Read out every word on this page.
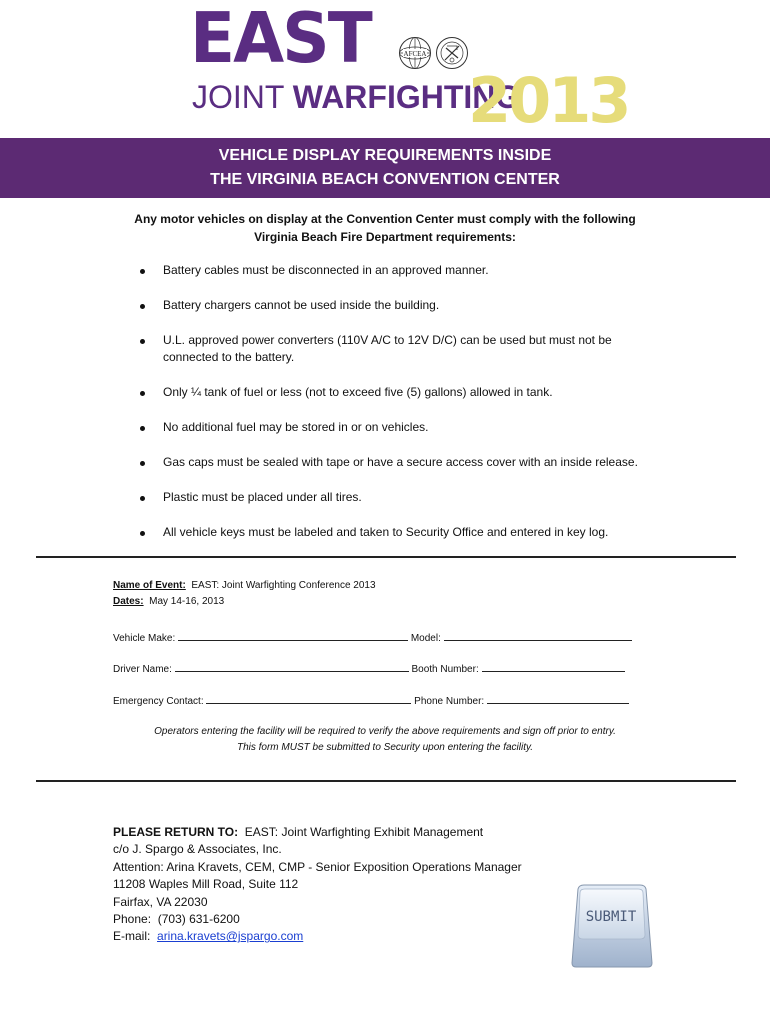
EAST	AFCEA
JOINT WARFIGHTING
2013
VEHICLE DISPLAY REQUIREMENTS INSIDE
THE VIRGINIA BEACH CONVENTION CENTER
Any motor vehicles on display at the Convention Center must comply with the following
Virginia Beach Fire Department requirements:
Battery cables must be disconnected in an approved manner.
Battery chargers cannot be used inside the building.
U.L. approved power converters (110V A/C to 12V D/C) can be used but must not be connected to the battery.
Only ¼ tank of fuel or less (not to exceed five (5) gallons) allowed in tank.
No additional fuel may be stored in or on vehicles.
Gas caps must be sealed with tape or have a secure access cover with an inside release.
Plastic must be placed under all tires.
All vehicle keys must be labeled and taken to Security Office and entered in key log.
Name of Event: EAST: Joint Warfighting Conference 2013
Dates: May 14-16, 2013
Vehicle Make:	Model:
Driver Name:	Booth Number:
Emergency Contact:	Phone Number:
Operators entering the facility will be required to verify the above requirements and sign off prior to entry.
This form MUST be submitted to Security upon entering the facility.
PLEASE RETURN TO: EAST: Joint Warfighting Exhibit Management
c/o J. Spargo & Associates, Inc.
Attention: Arina Kravets, CEM, CMP - Senior Exposition Operations Manager
11208 Waples Mill Road, Suite 112
Fairfax, VA 22030
Phone: (703) 631-6200
E-mail: arina.kravets@jspargo.com
SUBMIT
